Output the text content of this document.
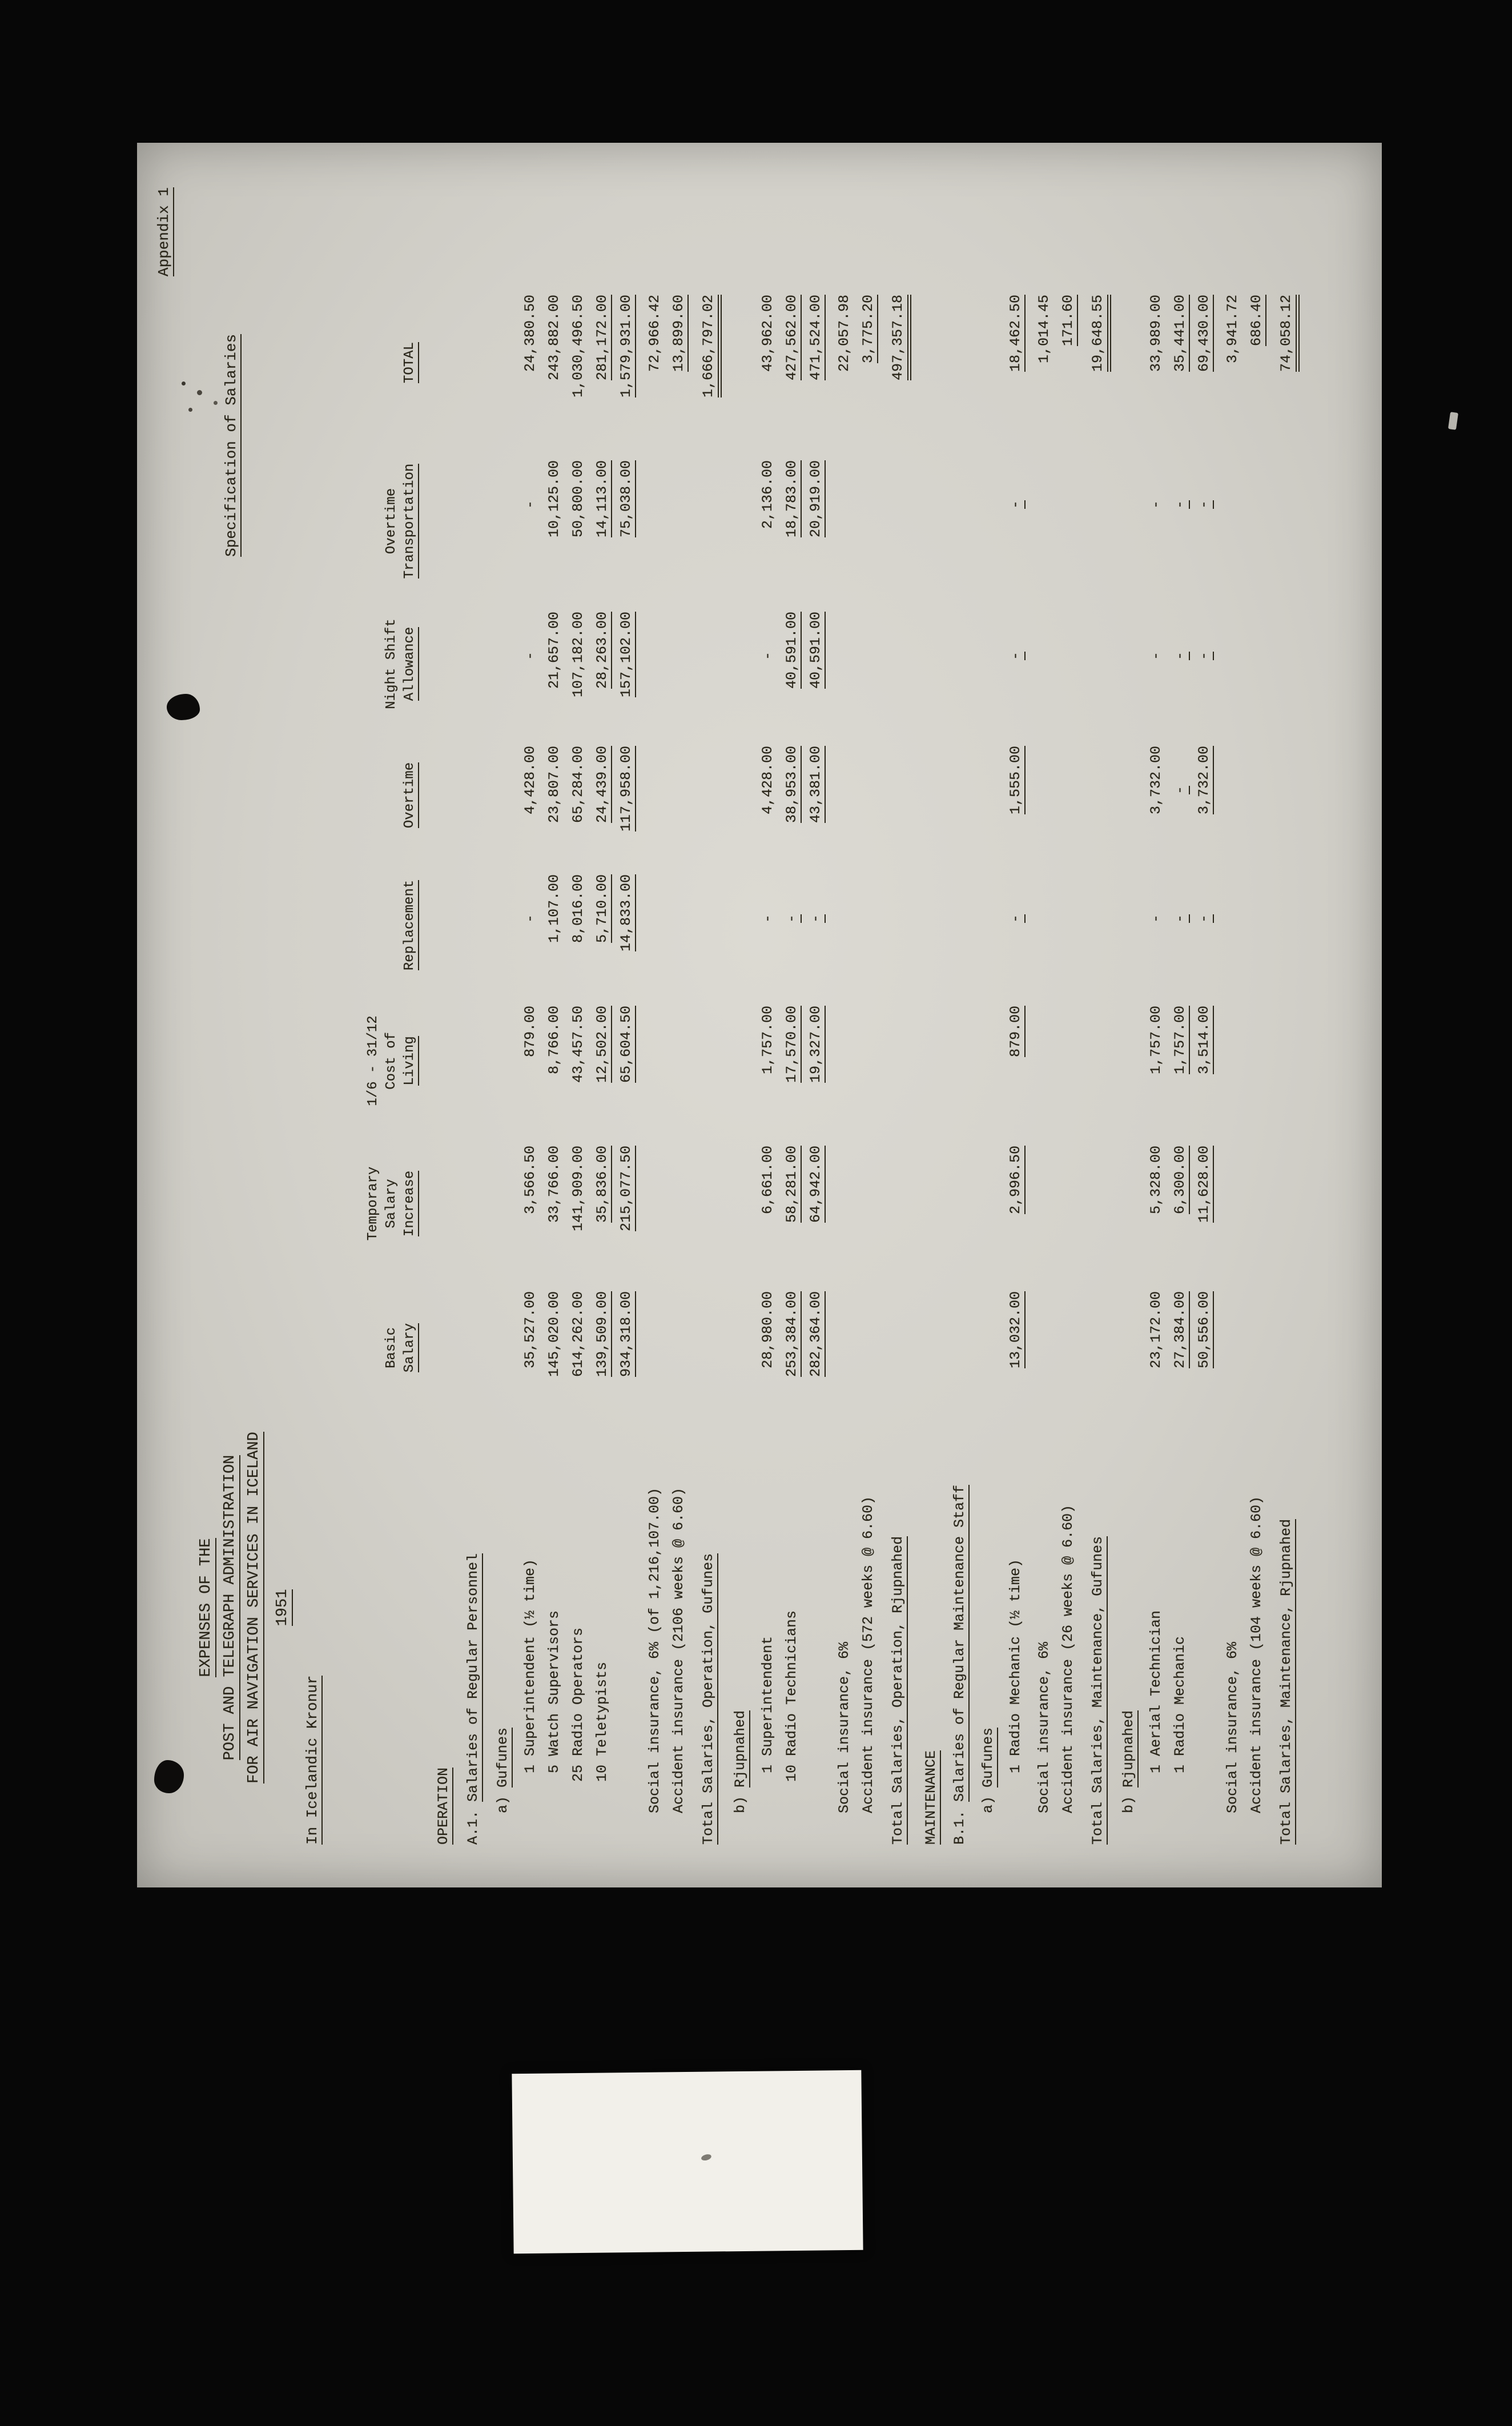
Appendix 1
EXPENSES OF THE POST AND TELEGRAPH ADMINISTRATION FOR AIR NAVIGATION SERVICES IN ICELAND 1951
Specification of Salaries
In Icelandic Kronur
Basic Salary
Temporary Salary Increase
1/6 - 31/12 Cost of Living
Replacement
Overtime
Night Shift Allowance
Overtime Transportation
TOTAL
OPERATION A.1. Salaries of Regular Personnel a) Gufunes 1 Superintendent (½ time)
35,527.00
3,566.50
879.00
-
4,428.00
-
-
24,380.50
5 Watch Supervisors
145,020.00
33,766.00
8,766.00
1,107.00
23,807.00
21,657.00
10,125.00
243,882.00
25 Radio Operators
614,262.00
141,909.00
43,457.50
8,016.00
65,284.00
107,182.00
50,800.00
1,030,496.50
10 Teletypists
139,509.00
35,836.00
12,502.00
5,710.00
24,439.00
28,263.00
14,113.00
281,172.00
934,318.00
215,077.50
65,604.50
14,833.00
117,958.00
157,102.00
75,038.00
1,579,931.00
Social insurance, 6% (of 1,216,107.00)
72,966.42
Accident insurance (2106 weeks @ 6.60)
13,899.60
Total Salaries, Operation, Gufunes
1,666,797.02
b) Rjupnahed 1 Superintendent
28,980.00
6,661.00
1,757.00
-
4,428.00
-
2,136.00
43,962.00
10 Radio Technicians
253,384.00
58,281.00
17,570.00
-
38,953.00
40,591.00
18,783.00
427,562.00
282,364.00
64,942.00
19,327.00
-
43,381.00
40,591.00
20,919.00
471,524.00
Social insurance, 6%
22,057.98
Accident insurance (572 weeks @ 6.60)
3,775.20
Total Salaries, Operation, Rjupnahed
497,357.18
MAINTENANCE B.1. Salaries of Regular Maintenance Staff a) Gufunes 1 Radio Mechanic (½ time)
13,032.00
2,996.50
879.00
-
1,555.00
-
-
18,462.50
Social insurance, 6%
1,014.45
Accident insurance (26 weeks @ 6.60)
171.60
Total Salaries, Maintenance, Gufunes
19,648.55
b) Rjupnahed 1 Aerial Technician
23,172.00
5,328.00
1,757.00
-
3,732.00
-
-
33,989.00
1 Radio Mechanic
27,384.00
6,300.00
1,757.00
-
-
-
-
35,441.00
50,556.00
11,628.00
3,514.00
-
3,732.00
-
-
69,430.00
Social insurance, 6%
3,941.72
Accident insurance (104 weeks @ 6.60)
686.40
Total Salaries, Maintenance, Rjupnahed
74,058.12
